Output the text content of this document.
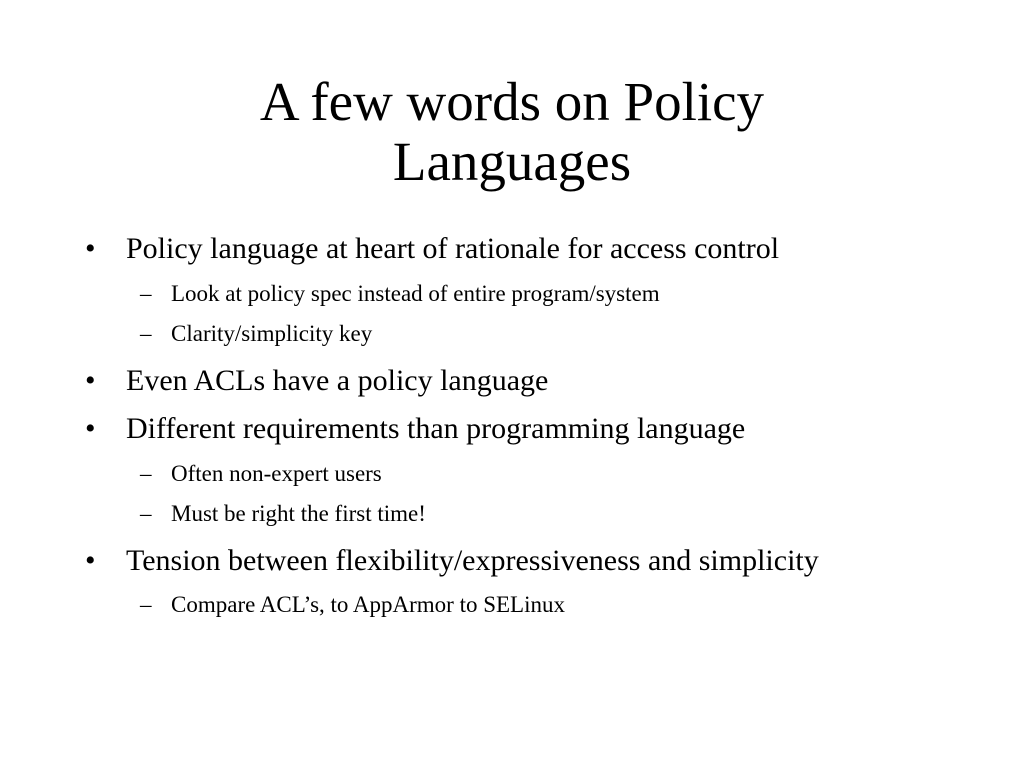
A few words on Policy
Languages
• Policy language at heart of rationale for access control
– Look at policy spec instead of entire program/system
– Clarity/simplicity key
• Even ACLs have a policy language
• Different requirements than programming language
– Often non-expert users
– Must be right the first time!
• Tension between flexibility/expressiveness and simplicity
– Compare ACL’s, to AppArmor to SELinux
